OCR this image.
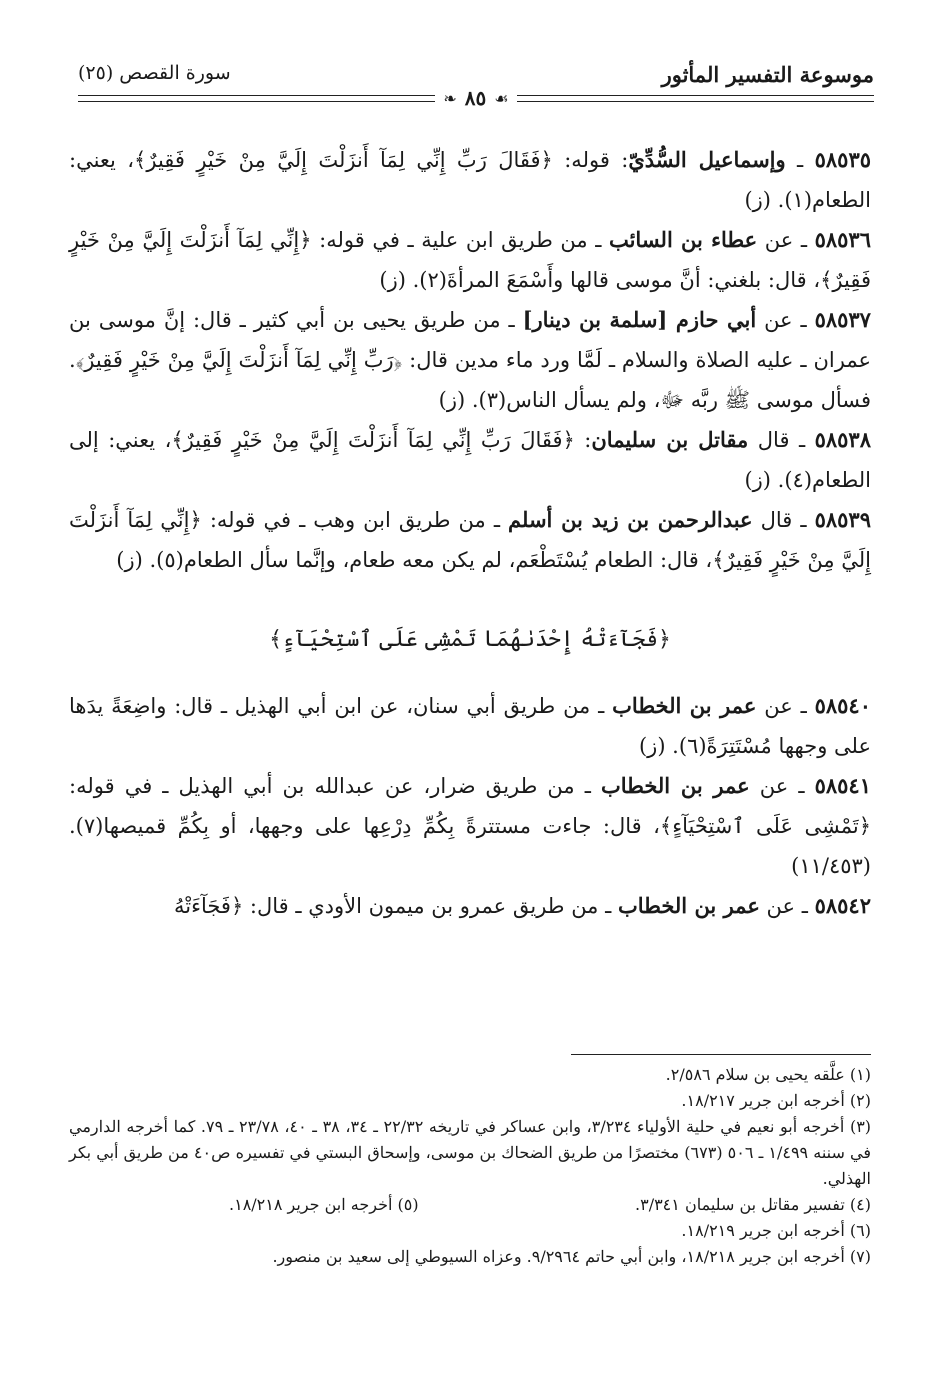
موسوعة التفسير المأثور
سورة القصص (٢٥)
❧ ٨٥ ☙

٥٨٥٣٥ ـ وإسماعيل السُّدِّيّ: قوله: ﴿فَقَالَ رَبِّ إِنِّي لِمَآ أَنزَلْتَ إِلَيَّ مِنْ خَيْرٍ فَقِيرٌ﴾، يعني: الطعام(١). (ز)

٥٨٥٣٦ ـ عن عطاء بن السائب ـ من طريق ابن علية ـ في قوله: ﴿إِنِّي لِمَآ أَنزَلْتَ إِلَيَّ مِنْ خَيْرٍ فَقِيرٌ﴾، قال: بلغني: أنَّ موسى قالها وأَسْمَعَ المرأةَ(٢). (ز)

٥٨٥٣٧ ـ عن أبي حازم [سلمة بن دينار] ـ من طريق يحيى بن أبي كثير ـ قال: إنَّ موسى بن عمران ـ عليه الصلاة والسلام ـ لَمَّا ورد ماء مدين قال: ﴿رَبِّ إِنِّي لِمَآ أَنزَلْتَ إِلَيَّ مِنْ خَيْرٍ فَقِيرٌ﴾. فسأل موسى ﷺ ربَّه ﷻ، ولم يسأل الناس(٣). (ز)

٥٨٥٣٨ ـ قال مقاتل بن سليمان: ﴿فَقَالَ رَبِّ إِنِّي لِمَآ أَنزَلْتَ إِلَيَّ مِنْ خَيْرٍ فَقِيرٌ﴾، يعني: إلى الطعام(٤). (ز)

٥٨٥٣٩ ـ قال عبدالرحمن بن زيد بن أسلم ـ من طريق ابن وهب ـ في قوله: ﴿إِنِّي لِمَآ أَنزَلْتَ إِلَيَّ مِنْ خَيْرٍ فَقِيرٌ﴾، قال: الطعام يُسْتَطْعَم، لم يكن معه طعام، وإنَّما سأل الطعام(٥). (ز)

﴿فَجَآءَتْهُ إِحْدَىٰهُمَا تَمْشِى عَلَى ٱسْتِحْيَآءٍ﴾

٥٨٥٤٠ ـ عن عمر بن الخطاب ـ من طريق أبي سنان، عن ابن أبي الهذيل ـ قال: واضِعَةً يدَها على وجهها مُسْتَتِرَةً(٦). (ز)

٥٨٥٤١ ـ عن عمر بن الخطاب ـ من طريق ضرار، عن عبدالله بن أبي الهذيل ـ في قوله: ﴿تَمْشِى عَلَى ٱسْتِحْيَآءٍ﴾، قال: جاءت مستترةً بِكُمِّ دِرْعِها على وجهها، أو بِكُمِّ قميصها(٧). (١١/٤٥٣)

٥٨٥٤٢ ـ عن عمر بن الخطاب ـ من طريق عمرو بن ميمون الأودي ـ قال: ﴿فَجَآءَتْهُ

(١) علَّقه يحيى بن سلام ٢/٥٨٦.

(٢) أخرجه ابن جرير ١٨/٢١٧.

(٣) أخرجه أبو نعيم في حلية الأولياء ٣/٢٣٤، وابن عساكر في تاريخه ٢٢/٣٢ ـ ٣٤، ٣٨ ـ ٤٠، ٢٣/٧٨ ـ ٧٩. كما أخرجه الدارمي في سننه ١/٤٩٩ ـ ٥٠٦ (٦٧٣) مختصرًا من طريق الضحاك بن موسى، وإسحاق البستي في تفسيره ص٤٠ من طريق أبي بكر الهذلي.

(٤) تفسير مقاتل بن سليمان ٣/٣٤١.
(٥) أخرجه ابن جرير ١٨/٢١٨.

(٦) أخرجه ابن جرير ١٨/٢١٩.

(٧) أخرجه ابن جرير ١٨/٢١٨، وابن أبي حاتم ٩/٢٩٦٤. وعزاه السيوطي إلى سعيد بن منصور.
